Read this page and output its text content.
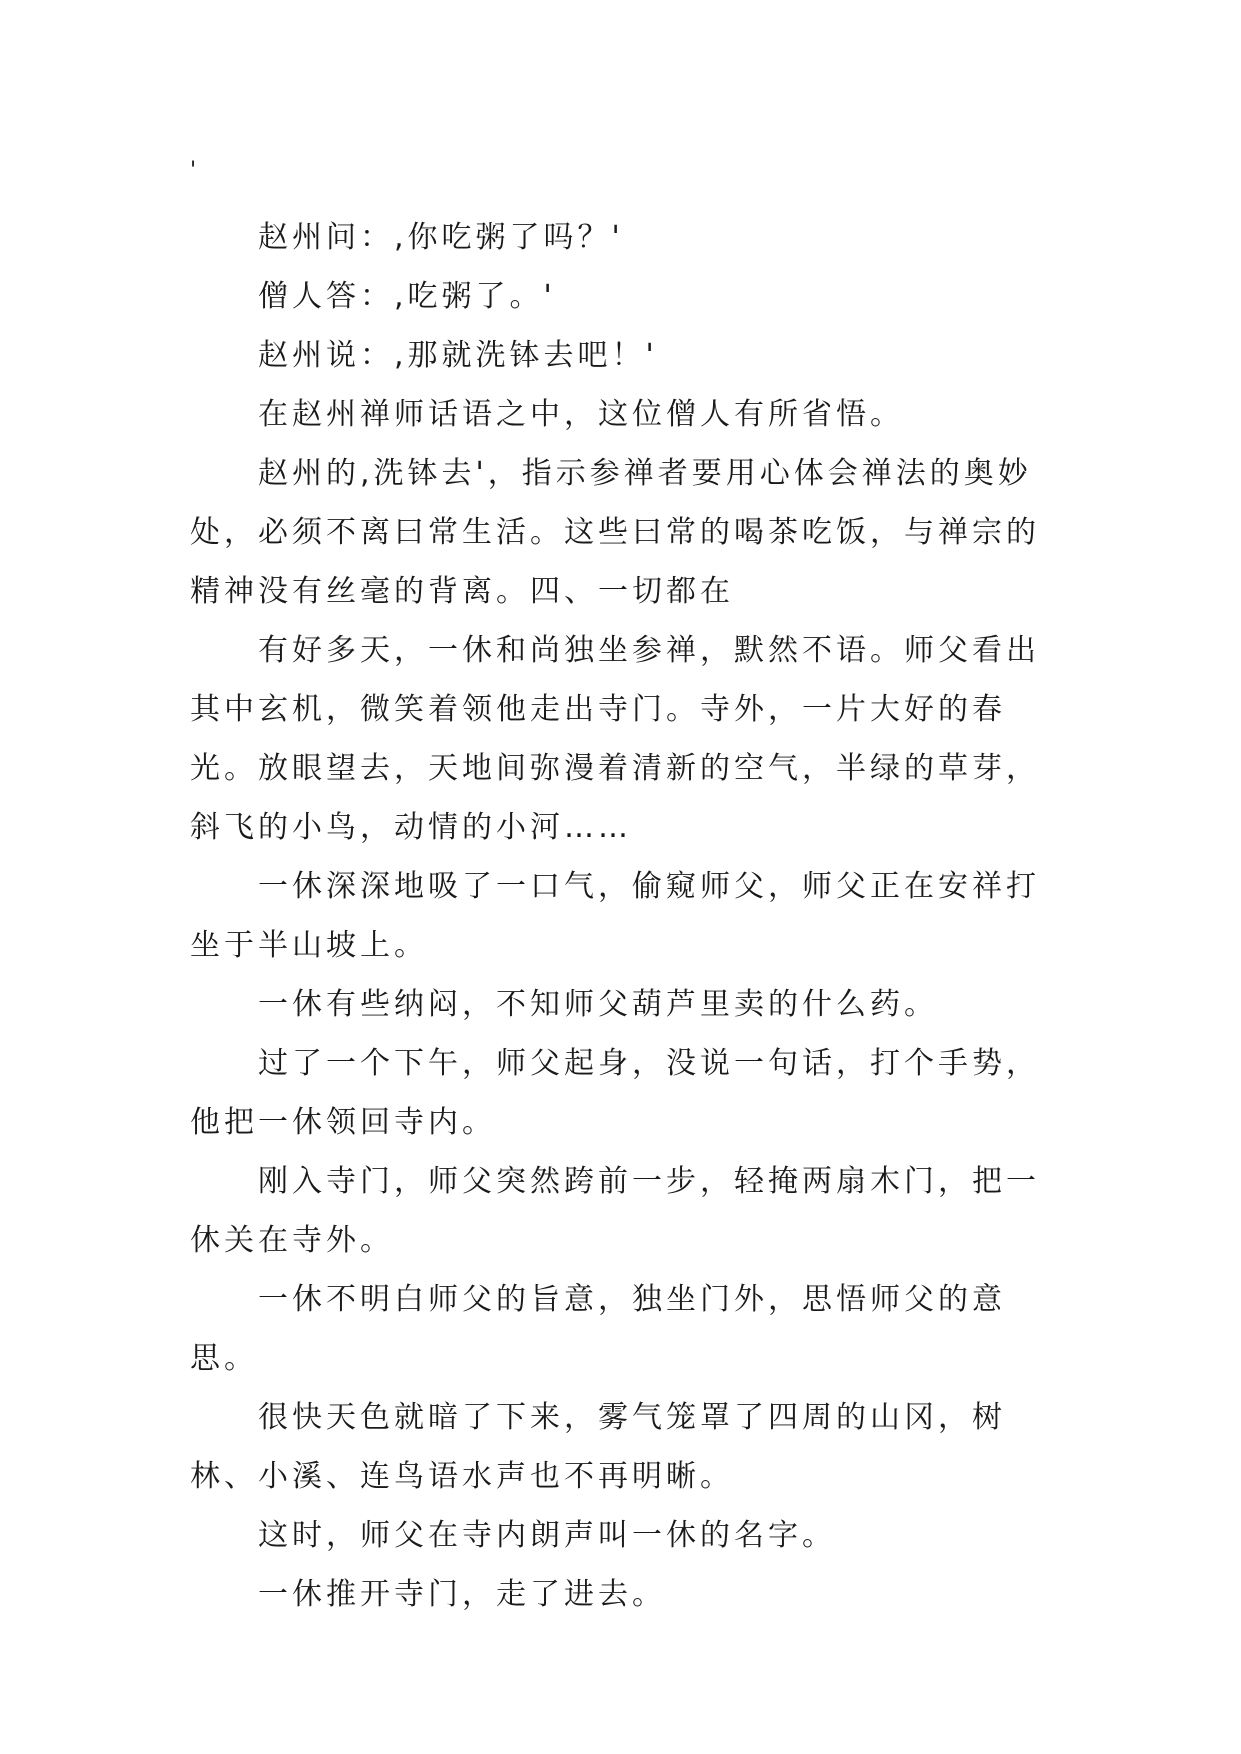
'

赵州问：,你吃粥了吗？'

僧人答：,吃粥了。'

赵州说：,那就洗钵去吧！'

在赵州禅师话语之中，这位僧人有所省悟。

赵州的,洗钵去'，指示参禅者要用心体会禅法的奥妙处，必须不离曰常生活。这些曰常的喝茶吃饭，与禅宗的精神没有丝毫的背离。四、一切都在

有好多天，一休和尚独坐参禅，默然不语。师父看出其中玄机，微笑着领他走出寺门。寺外，一片大好的春光。放眼望去，天地间弥漫着清新的空气，半绿的草芽，斜飞的小鸟，动情的小河……

一休深深地吸了一口气，偷窥师父，师父正在安祥打坐于半山坡上。

一休有些纳闷，不知师父葫芦里卖的什么药。

过了一个下午，师父起身，没说一句话，打个手势，他把一休领回寺内。

刚入寺门，师父突然跨前一步，轻掩两扇木门，把一休关在寺外。

一休不明白师父的旨意，独坐门外，思悟师父的意思。

很快天色就暗了下来，雾气笼罩了四周的山冈，树林、小溪、连鸟语水声也不再明晰。

这时，师父在寺内朗声叫一休的名字。

一休推开寺门，走了进去。
